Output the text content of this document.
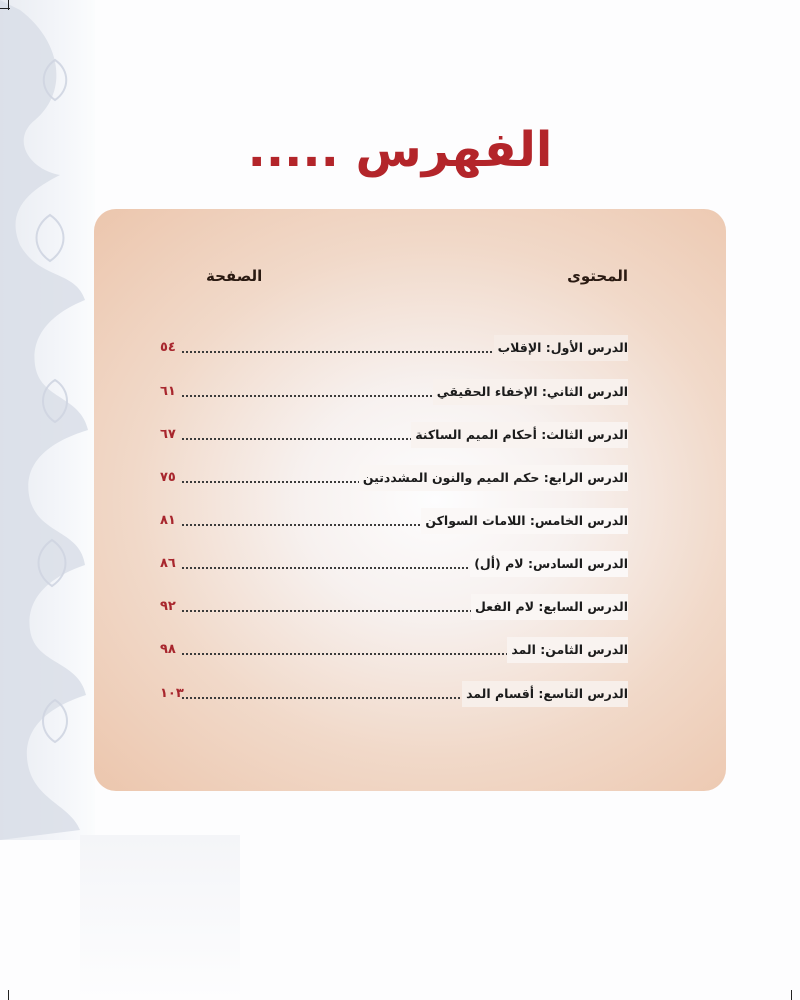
الفهرس .....
المحتوى
الصفحة
الدرس الأول: الإقلاب
٥٤
الدرس الثاني: الإخفاء الحقيقي
٦١
الدرس الثالث: أحكام الميم الساكنة
٦٧
الدرس الرابع: حكم الميم والنون المشددتين
٧٥
الدرس الخامس: اللامات السواكن
٨١
الدرس السادس: لام (أل)
٨٦
الدرس السابع: لام الفعل
٩٢
الدرس الثامن: المد
٩٨
الدرس التاسع: أقسام المد
١٠٣
